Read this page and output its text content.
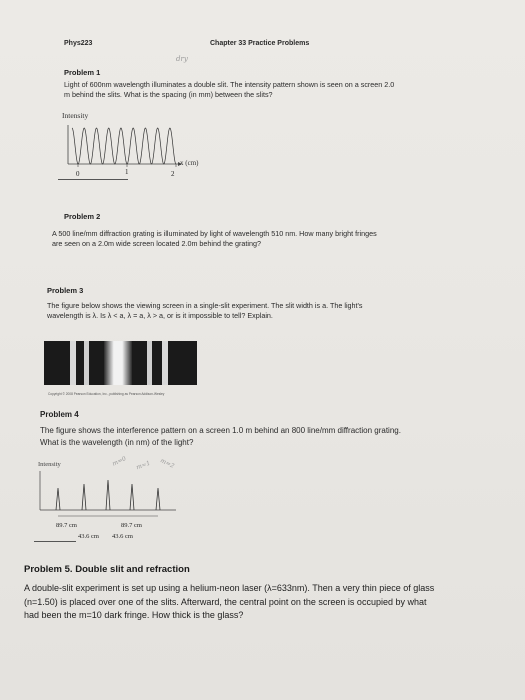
Phys223	Chapter 33 Practice Problems
dry
Problem 1
Light of 600nm wavelength illuminates a double slit. The intensity pattern shown is seen on a screen 2.0
m behind the slits. What is the spacing (in mm) between the slits?
Intensity
x (cm)
0	1	2
Problem 2
A 500 line/mm diffraction grating is illuminated by light of wavelength 510 nm. How many bright fringes
are seen on a 2.0m wide screen located 2.0m behind the grating?
Problem 3
The figure below shows the viewing screen in a single-slit experiment. The slit width is a. The light's
wavelength is λ. Is λ < a, λ = a, λ > a, or is it impossible to tell? Explain.
Copyright © 2008 Pearson Education, Inc., publishing as Pearson Addison-Wesley
Problem 4
The figure shows the interference pattern on a screen 1.0 m behind an 800 line/mm diffraction grating.
What is the wavelength (in nm) of the light?
Intensity	m=0 m=1 m=2
89.7 cm	89.7 cm
43.6 cm 43.6 cm
Problem 5. Double slit and refraction
A double-slit experiment is set up using a helium-neon laser (λ=633nm). Then a very thin piece of glass
(n=1.50) is placed over one of the slits. Afterward, the central point on the screen is occupied by what
had been the m=10 dark fringe. How thick is the glass?
